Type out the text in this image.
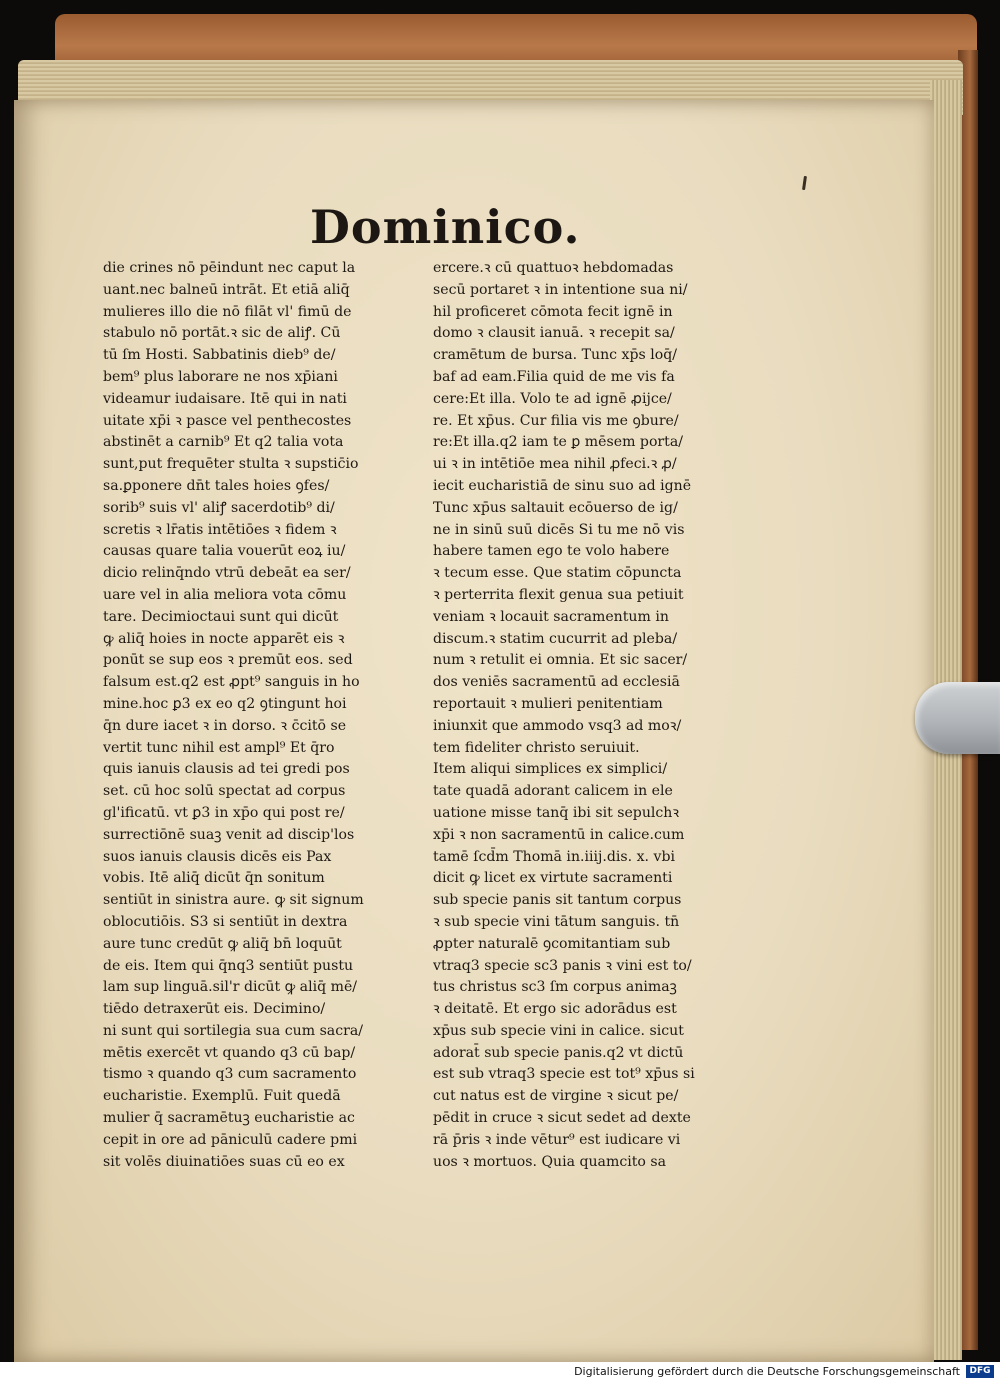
Dominico.
die crines nō pēindunt nec caput la
uant.nec balneū intrāt. Et etiā aliq̄
mulieres illo die nō filāt vl' fimū de
stabulo nō portāt.ꝛ sic de aliꝭ. Cū
tū ſm Hosti. Sabbatinis dieb⁹ de/
bem⁹ plus laborare ne nos xp̄iani
videamur iudaisare. Itē qui in nati
uitate xp̄i ꝛ pasce vel penthecostes
abstinēt a carnib⁹ Et q2 talia vota
sunt,put frequēter stulta ꝛ supstic̄io
sa.ꝑponere dn̄t tales hoies ꝯfes/
sorib⁹ suis vl' aliꝭ sacerdotib⁹ di/
scretis ꝛ lr̄atis intētiōes ꝛ fidem ꝛ
causas quare talia vouerūt eoꝝ iu/
dicio relinq̄ndo vtrū debeāt ea ser/
uare vel in alia meliora vota cōmu
tare. Decimioctaui sunt qui dicūt
ꝙ aliq̄ hoies in nocte apparēt eis ꝛ
ponūt se sup eos ꝛ premūt eos. sed
falsum est.q2 est ꝓpt⁹ sanguis in ho
mine.hoc ꝑ3 ex eo q2 ꝯtingunt hoi
q̄n dure iacet ꝛ in dorso. ꝛ c̄citō se
vertit tunc nihil est ampl⁹ Et q̄ro
quis ianuis clausis ad tei gredi pos
set. cū hoc solū spectat ad corpus
gl'ificatū. vt ꝑ3 in xp̄o qui post re/
surrectiōnē suaꝫ venit ad discip'los
suos ianuis clausis dicēs eis Pax
vobis. Itē aliq̄ dicūt q̄n sonitum
sentiūt in sinistra aure. ꝙ sit signum
oblocutiōis. S3 si sentiūt in dextra
aure tunc credūt ꝙ aliq̄ bn̄ loquūt
de eis. Item qui q̄nq3 sentiūt pustu
lam sup linguā.sil'r dicūt ꝙ aliq̄ mē/
tiēdo detraxerūt eis. Decimino/
ni sunt qui sortilegia sua cum sacra/
mētis exercēt vt quando q3 cū bap/
tismo ꝛ quando q3 cum sacramento
eucharistie. Exemplū. Fuit quedā
mulier q̄ sacramētuꝫ eucharistie ac
cepit in ore ad pāniculū cadere pmi
sit volēs diuinatiōes suas cū eo ex
ercere.ꝛ cū quattuoꝛ hebdomadas
secū portaret ꝛ in intentione sua ni/
hil proficeret cōmota fecit ignē in
domo ꝛ clausit ianuā. ꝛ recepit sa/
cramētum de bursa. Tunc xp̄s loq̄/
baf ad eam.Filia quid de me vis fa
cere:Et illa. Volo te ad ignē ꝓijce/
re. Et xp̄us. Cur filia vis me ꝯbure/
re:Et illa.q2 iam te ꝑ mēsem porta/
ui ꝛ in intētiōe mea nihil ꝓfeci.ꝛ ꝓ/
iecit eucharistiā de sinu suo ad ignē
Tunc xp̄us saltauit ecōuerso de ig/
ne in sinū suū dicēs Si tu me nō vis
habere tamen ego te volo habere
ꝛ tecum esse. Que statim cōpuncta
ꝛ perterrita flexit genua sua petiuit
veniam ꝛ locauit sacramentum in
discum.ꝛ statim cucurrit ad pleba/
num ꝛ retulit ei omnia. Et sic sacer/
dos veniēs sacramentū ad ecclesiā
reportauit ꝛ mulieri penitentiam
iniunxit que ammodo vsq3 ad moꝛ/
tem fideliter christo seruiuit.
Item aliqui simplices ex simplici/
tate quadā adorant calicem in ele
uatione misse tanq̄ ibi sit sepulchꝛ
xp̄i ꝛ non sacramentū in calice.cum
tamē ſcd̄m Thomā in.iiij.dis. x. vbi
dicit ꝙ licet ex virtute sacramenti
sub specie panis sit tantum corpus
ꝛ sub specie vini tātum sanguis. tn̄
ꝓpter naturalē ꝯcomitantiam sub
vtraq3 specie sc3 panis ꝛ vini est to/
tus christus sc3 ſm corpus animaꝫ
ꝛ deitatē. Et ergo sic adorādus est
xp̄us sub specie vini in calice. sicut
adorat̄ sub specie panis.q2 vt dictū
est sub vtraq3 specie est tot⁹ xp̄us si
cut natus est de virgine ꝛ sicut pe/
pēdit in cruce ꝛ sicut sedet ad dexte
rā p̄ris ꝛ inde vētur⁹ est iudicare vi
uos ꝛ mortuos. Quia quamcito sa
Digitalisierung gefördert durch die Deutsche Forschungsgemeinschaft	DFG
